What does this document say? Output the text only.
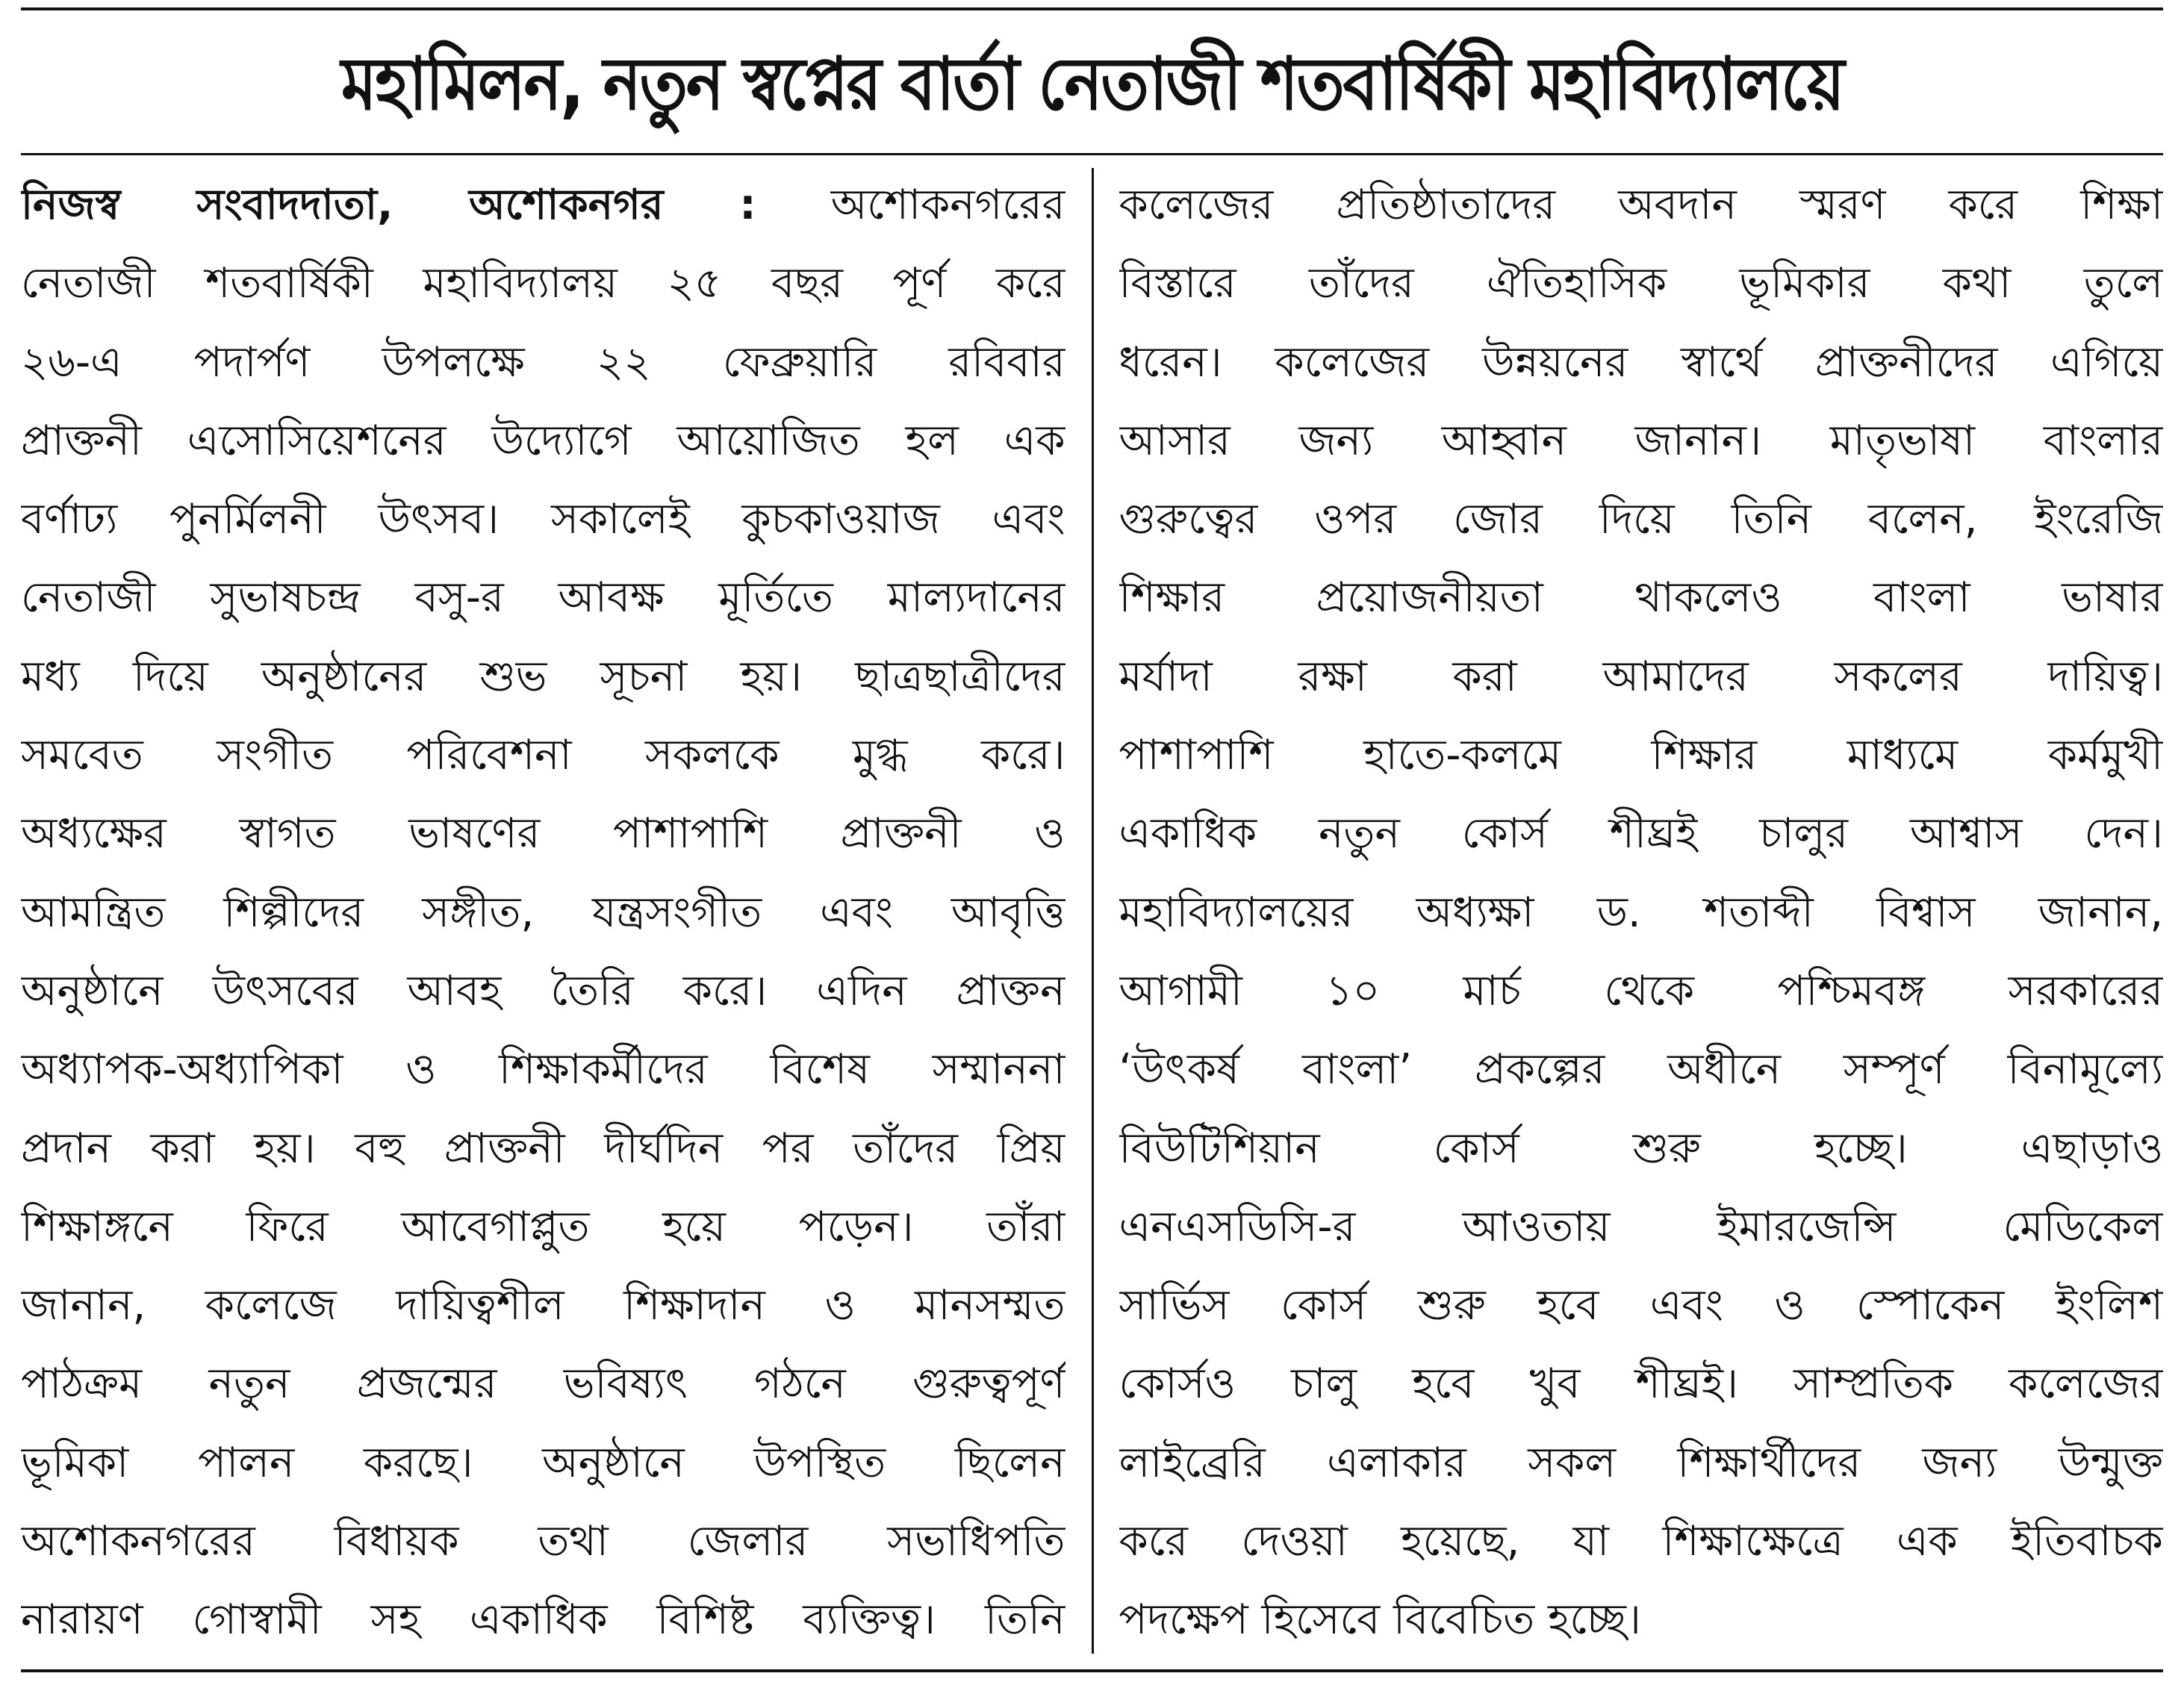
মহামিলন, নতুন স্বপ্নের বার্তা নেতাজী শতবার্ষিকী মহাবিদ্যালয়ে
নিজস্ব সংবাদদাতা, অশোকনগর : অশোকনগরের
নেতাজী শতবার্ষিকী মহাবিদ্যালয় ২৫ বছর পূর্ণ করে
২৬-এ পদার্পণ উপলক্ষে ২২ ফেব্রুয়ারি রবিবার
প্রাক্তনী এসোসিয়েশনের উদ্যোগে আয়োজিত হল এক
বর্ণাঢ্য পুনর্মিলনী উৎসব। সকালেই কুচকাওয়াজ এবং
নেতাজী সুভাষচন্দ্র বসু-র আবক্ষ মূর্তিতে মাল্যদানের
মধ্য দিয়ে অনুষ্ঠানের শুভ সূচনা হয়। ছাত্রছাত্রীদের
সমবেত সংগীত পরিবেশনা সকলকে মুগ্ধ করে।
অধ্যক্ষের স্বাগত ভাষণের পাশাপাশি প্রাক্তনী ও
আমন্ত্রিত শিল্পীদের সঙ্গীত, যন্ত্রসংগীত এবং আবৃত্তি
অনুষ্ঠানে উৎসবের আবহ তৈরি করে। এদিন প্রাক্তন
অধ্যাপক-অধ্যাপিকা ও শিক্ষাকর্মীদের বিশেষ সম্মাননা
প্রদান করা হয়। বহু প্রাক্তনী দীর্ঘদিন পর তাঁদের প্রিয়
শিক্ষাঙ্গনে ফিরে আবেগাপ্লুত হয়ে পড়েন। তাঁরা
জানান, কলেজে দায়িত্বশীল শিক্ষাদান ও মানসম্মত
পাঠক্রম নতুন প্রজন্মের ভবিষ্যৎ গঠনে গুরুত্বপূর্ণ
ভূমিকা পালন করছে। অনুষ্ঠানে উপস্থিত ছিলেন
অশোকনগরের বিধায়ক তথা জেলার সভাধিপতি
নারায়ণ গোস্বামী সহ একাধিক বিশিষ্ট ব্যক্তিত্ব। তিনি
কলেজের প্রতিষ্ঠাতাদের অবদান স্মরণ করে শিক্ষা
বিস্তারে তাঁদের ঐতিহাসিক ভূমিকার কথা তুলে
ধরেন। কলেজের উন্নয়নের স্বার্থে প্রাক্তনীদের এগিয়ে
আসার জন্য আহ্বান জানান। মাতৃভাষা বাংলার
গুরুত্বের ওপর জোর দিয়ে তিনি বলেন, ইংরেজি
শিক্ষার প্রয়োজনীয়তা থাকলেও বাংলা ভাষার
মর্যাদা রক্ষা করা আমাদের সকলের দায়িত্ব।
পাশাপাশি হাতে-কলমে শিক্ষার মাধ্যমে কর্মমুখী
একাধিক নতুন কোর্স শীঘ্রই চালুর আশ্বাস দেন।
মহাবিদ্যালয়ের অধ্যক্ষা ড. শতাব্দী বিশ্বাস জানান,
আগামী ১০ মার্চ থেকে পশ্চিমবঙ্গ সরকারের
‘উৎকর্ষ বাংলা’ প্রকল্পের অধীনে সম্পূর্ণ বিনামূল্যে
বিউটিশিয়ান কোর্স শুরু হচ্ছে। এছাড়াও
এনএসডিসি-র আওতায় ইমারজেন্সি মেডিকেল
সার্ভিস কোর্স শুরু হবে এবং ও স্পোকেন ইংলিশ
কোর্সও চালু হবে খুব শীঘ্রই। সাম্প্রতিক কলেজের
লাইব্রেরি এলাকার সকল শিক্ষার্থীদের জন্য উন্মুক্ত
করে দেওয়া হয়েছে, যা শিক্ষাক্ষেত্রে এক ইতিবাচক
পদক্ষেপ হিসেবে বিবেচিত হচ্ছে।
